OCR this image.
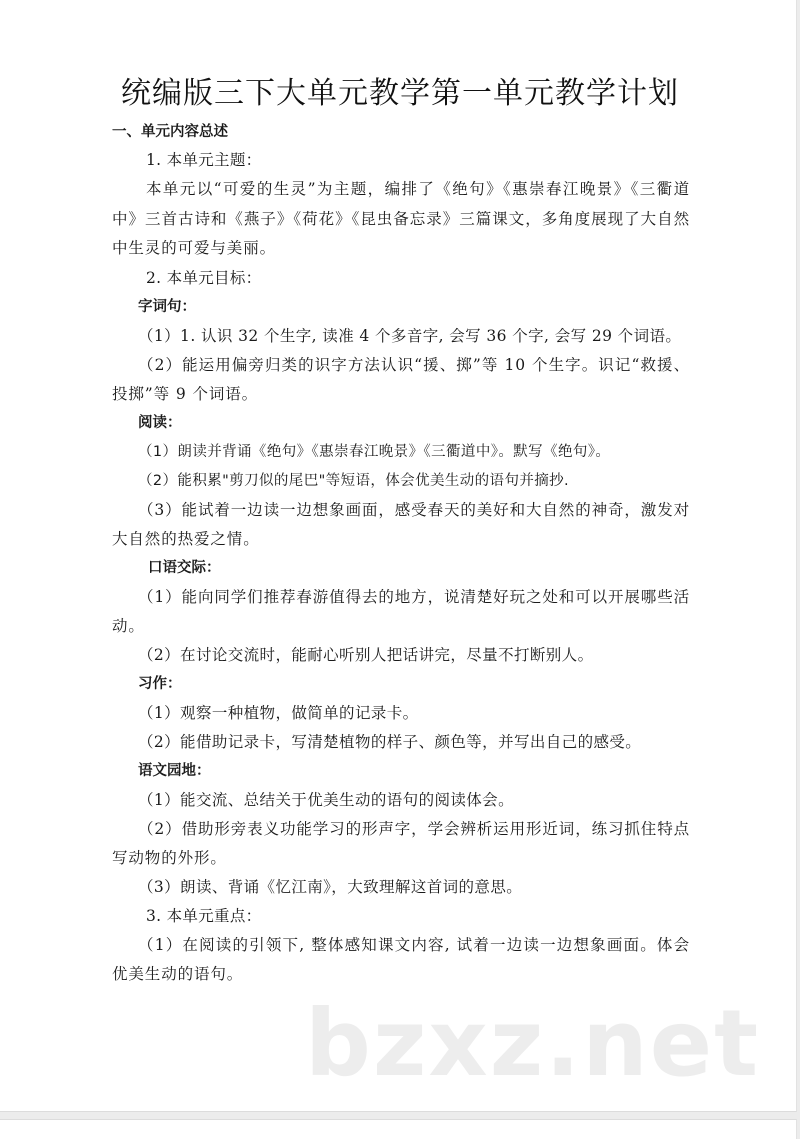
统编版三下大单元教学第一单元教学计划
一、单元内容总述
1. 本单元主题：
本单元以“可爱的生灵”为主题，编排了《绝句》《惠崇春江晚景》《三衢道中》三首古诗和《燕子》《荷花》《昆虫备忘录》三篇课文，多角度展现了大自然中生灵的可爱与美丽。
2. 本单元目标：
字词句：
（1）1. 认识 32 个生字, 读准 4 个多音字, 会写 36 个字, 会写 29 个词语。
（2）能运用偏旁归类的识字方法认识“援、掷”等 10 个生字。识记“救援、投掷”等 9 个词语。
阅读：
（1）朗读并背诵《绝句》《惠崇春江晚景》《三衢道中》。默写《绝句》。
（2）能积累"剪刀似的尾巴"等短语，体会优美生动的语句并摘抄.
（3）能试着一边读一边想象画面，感受春天的美好和大自然的神奇，激发对大自然的热爱之情。
口语交际：
（1）能向同学们推荐春游值得去的地方，说清楚好玩之处和可以开展哪些活动。
（2）在讨论交流时，能耐心听别人把话讲完，尽量不打断别人。
习作：
（1）观察一种植物，做简单的记录卡。
（2）能借助记录卡，写清楚植物的样子、颜色等，并写出自己的感受。
语文园地：
（1）能交流、总结关于优美生动的语句的阅读体会。
（2）借助形旁表义功能学习的形声字，学会辨析运用形近词，练习抓住特点写动物的外形。
（3）朗读、背诵《忆江南》，大致理解这首词的意思。
3. 本单元重点：
（1）在阅读的引领下, 整体感知课文内容, 试着一边读一边想象画面。体会优美生动的语句。
bzxz.net
